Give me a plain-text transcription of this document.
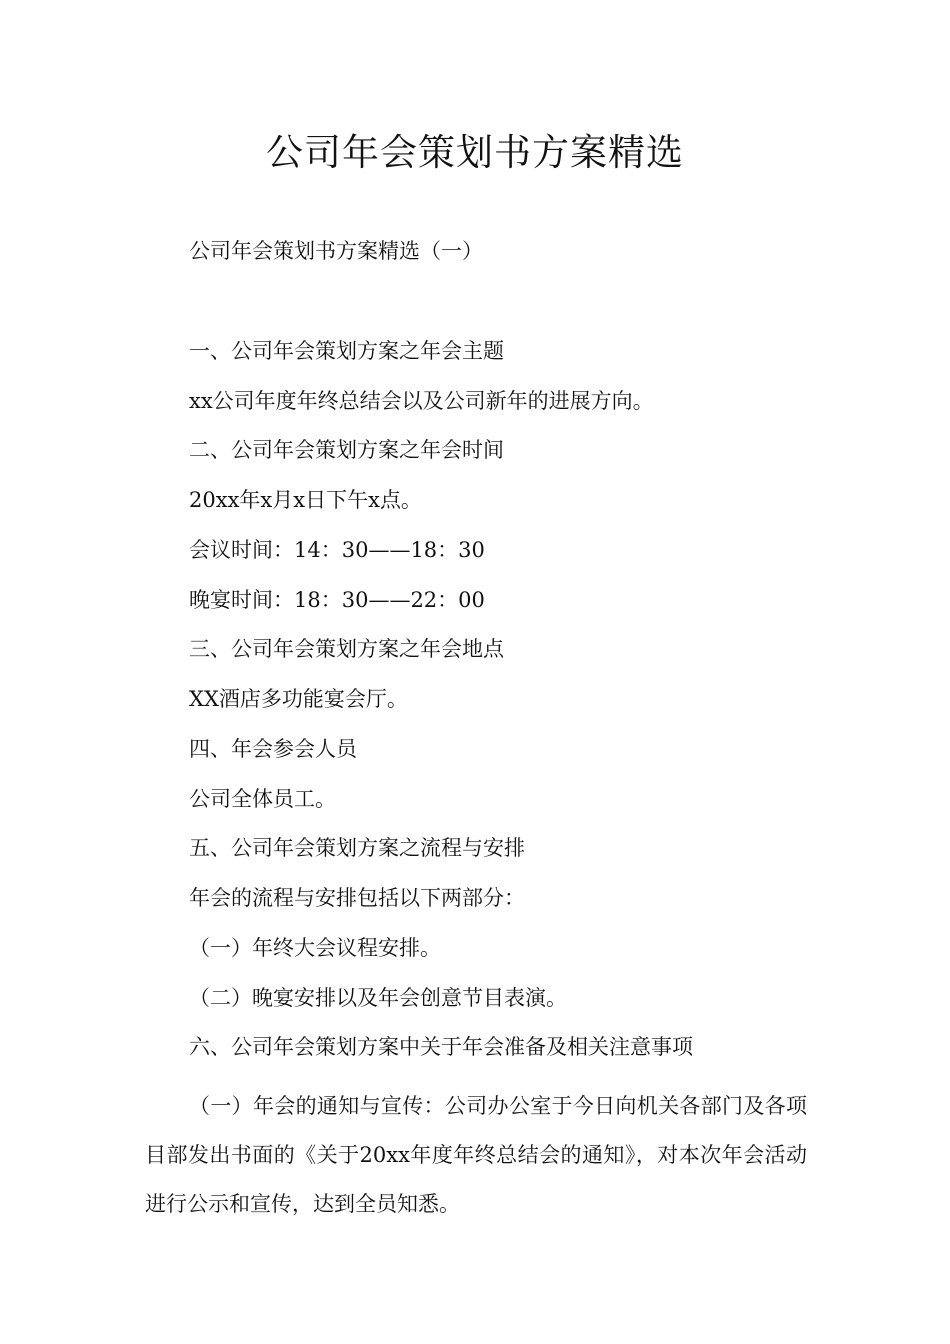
公司年会策划书方案精选
公司年会策划书方案精选（一）
一、公司年会策划方案之年会主题
xx公司年度年终总结会以及公司新年的进展方向。
二、公司年会策划方案之年会时间
20xx年x月x日下午x点。
会议时间：14：30——18：30
晚宴时间：18：30——22：00
三、公司年会策划方案之年会地点
XX酒店多功能宴会厅。
四、年会参会人员
公司全体员工。
五、公司年会策划方案之流程与安排
年会的流程与安排包括以下两部分：
（一）年终大会议程安排。
（二）晚宴安排以及年会创意节目表演。
六、公司年会策划方案中关于年会准备及相关注意事项
（一）年会的通知与宣传：公司办公室于今日向机关各部门及各项目部发出书面的《关于20xx年度年终总结会的通知》，对本次年会活动进行公示和宣传，达到全员知悉。
